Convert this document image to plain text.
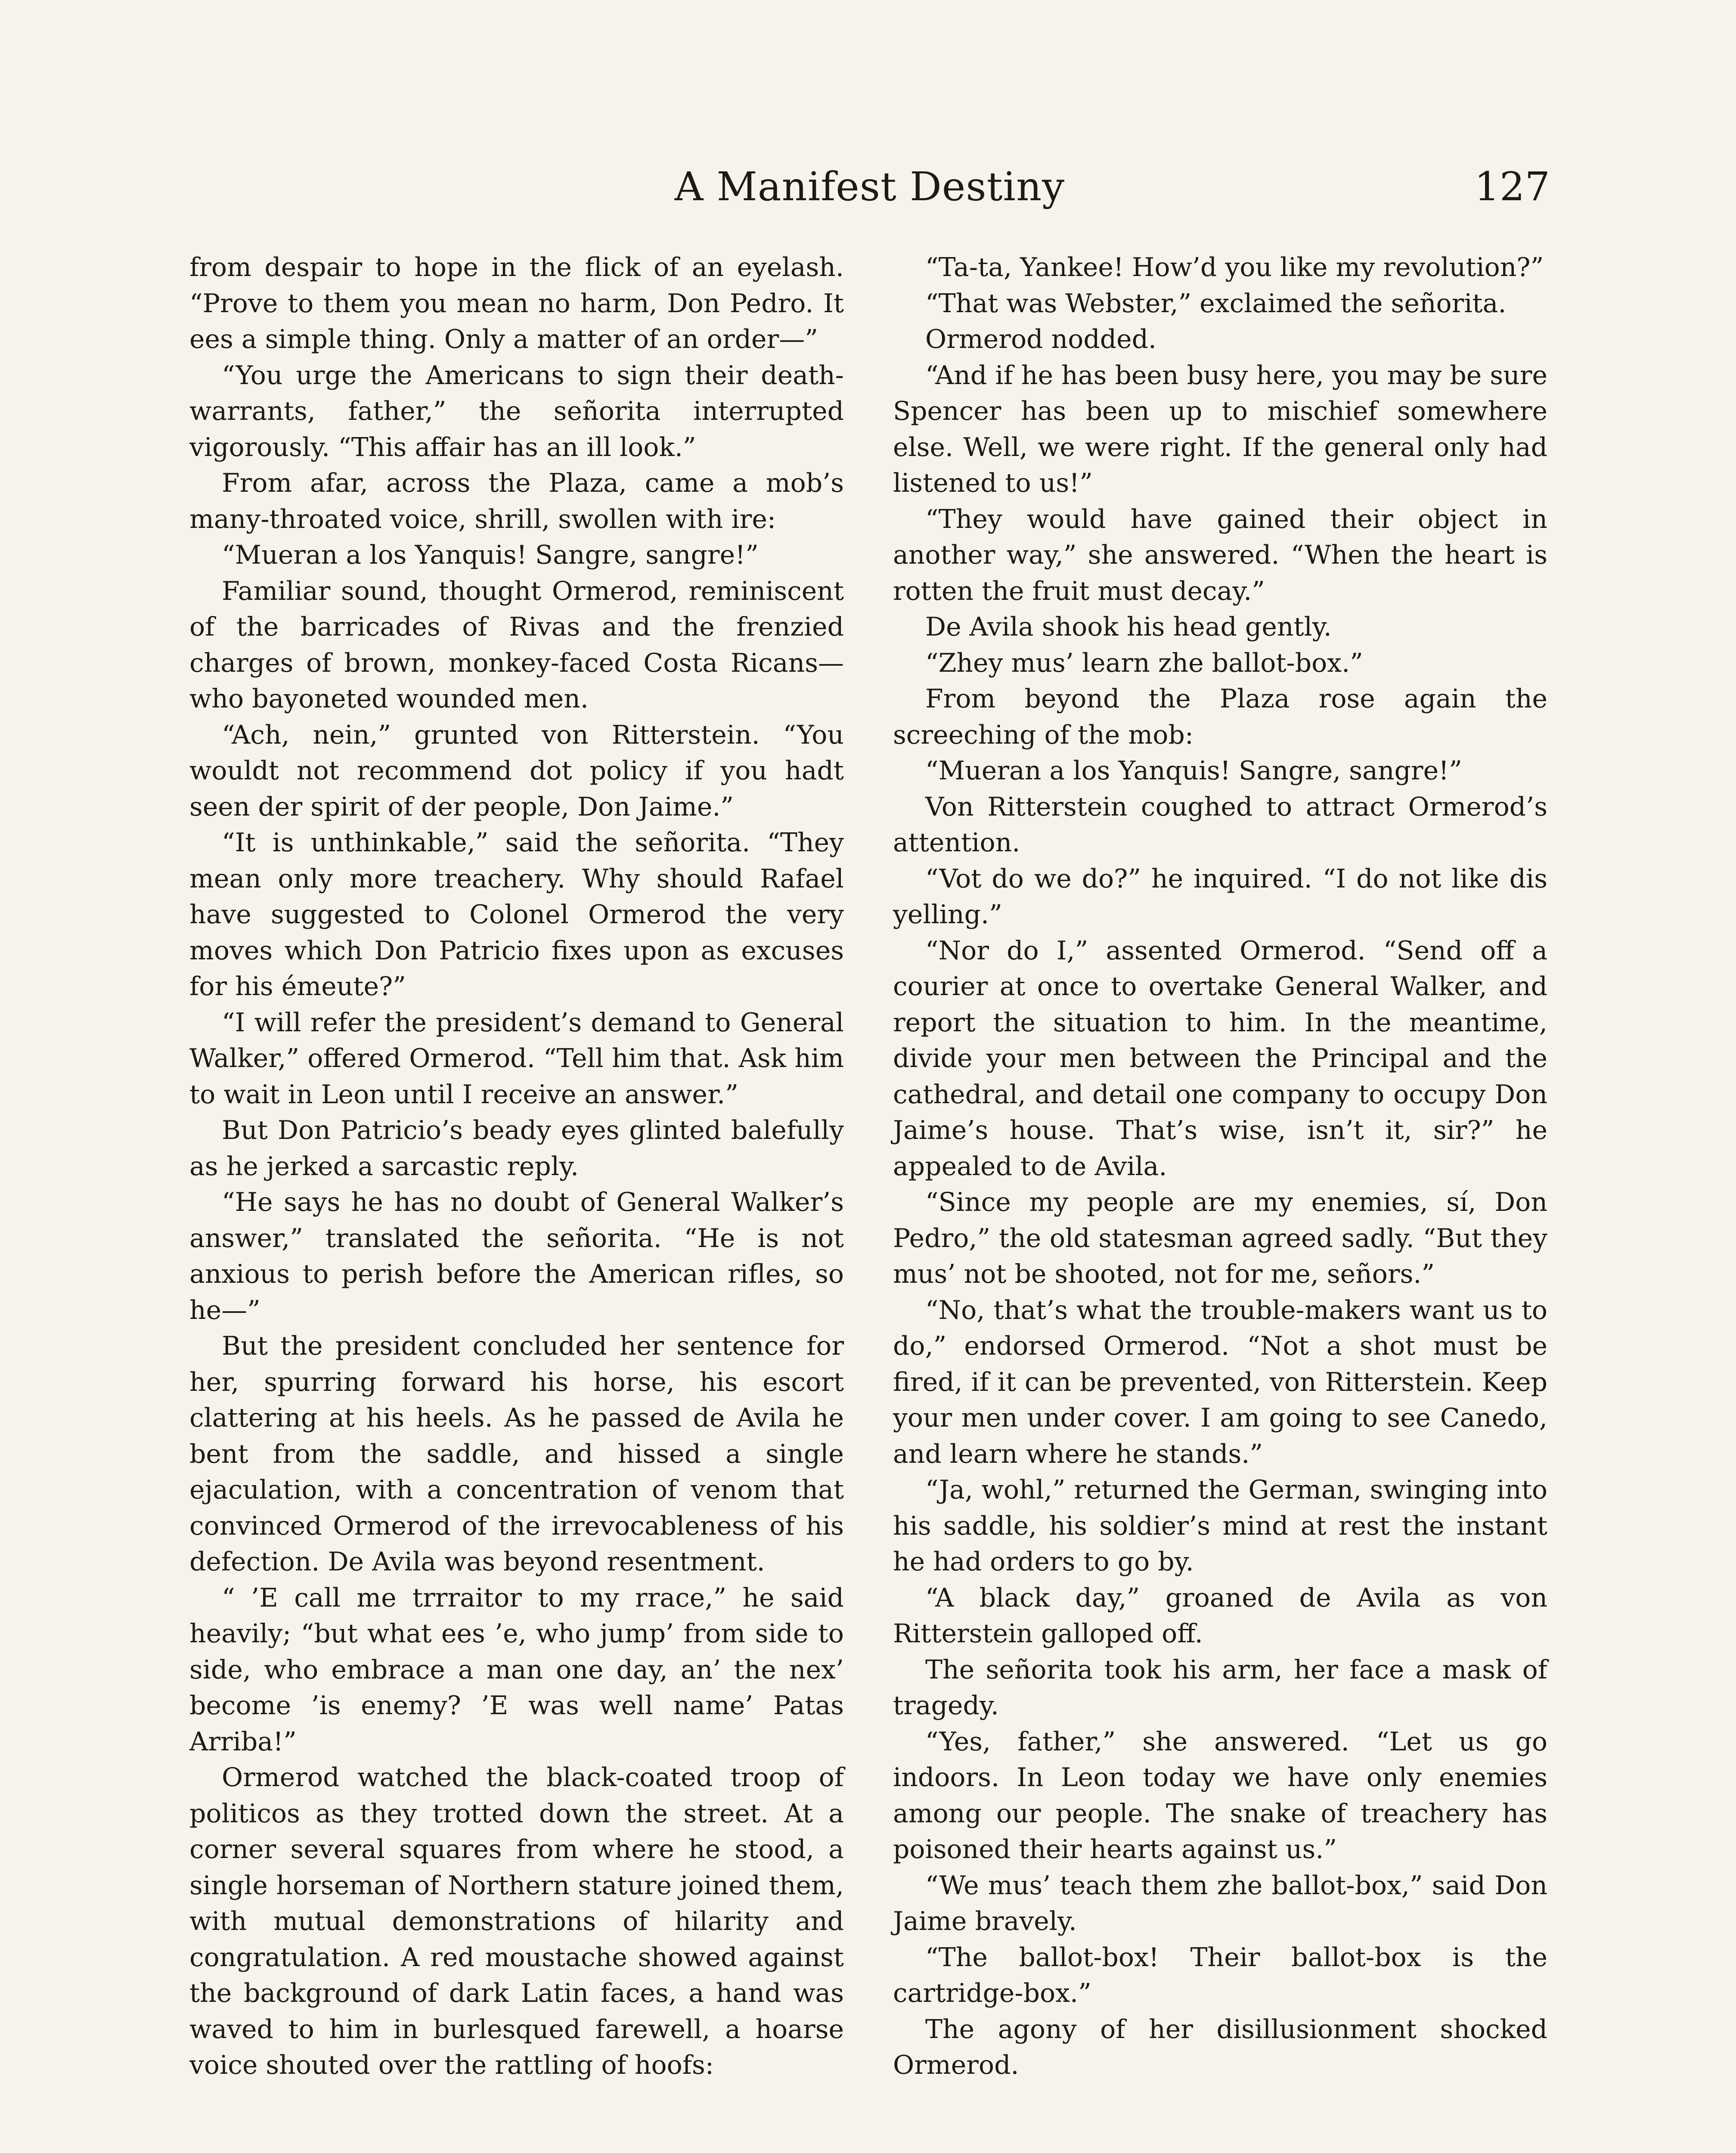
A Manifest Destiny	127

from despair to hope in the flick of an eyelash. “Prove to them you mean no harm, Don Pedro. It ees a simple thing. Only a matter of an order—”

“You urge the Americans to sign their death-warrants, father,” the señorita interrupted vigorously. “This affair has an ill look.”

From afar, across the Plaza, came a mob’s many-throated voice, shrill, swollen with ire:

“Mueran a los Yanquis! Sangre, sangre!”

Familiar sound, thought Ormerod, reminiscent of the barricades of Rivas and the frenzied charges of brown, monkey-faced Costa Ricans—who bayoneted wounded men.

“Ach, nein,” grunted von Ritterstein. “You wouldt not recommend dot policy if you hadt seen der spirit of der people, Don Jaime.”

“It is unthinkable,” said the señorita. “They mean only more treachery. Why should Rafael have suggested to Colonel Ormerod the very moves which Don Patricio fixes upon as excuses for his émeute?”

“I will refer the president’s demand to General Walker,” offered Ormerod. “Tell him that. Ask him to wait in Leon until I receive an answer.”

But Don Patricio’s beady eyes glinted balefully as he jerked a sarcastic reply.

“He says he has no doubt of General Walker’s answer,” translated the señorita. “He is not anxious to perish before the American rifles, so he—”

But the president concluded her sentence for her, spurring forward his horse, his escort clattering at his heels. As he passed de Avila he bent from the saddle, and hissed a single ejaculation, with a concentration of venom that convinced Ormerod of the irrevocableness of his defection. De Avila was beyond resentment.

“ ’E call me trrraitor to my rrace,” he said heavily; “but what ees ’e, who jump’ from side to side, who embrace a man one day, an’ the nex’ become ’is enemy? ’E was well name’ Patas Arriba!”

Ormerod watched the black-coated troop of politicos as they trotted down the street. At a corner several squares from where he stood, a single horseman of Northern stature joined them, with mutual demonstrations of hilarity and congratulation. A red moustache showed against the background of dark Latin faces, a hand was waved to him in burlesqued farewell, a hoarse voice shouted over the rattling of hoofs:

“Ta-ta, Yankee! How’d you like my revolution?”

“That was Webster,” exclaimed the señorita.

Ormerod nodded.

“And if he has been busy here, you may be sure Spencer has been up to mischief somewhere else. Well, we were right. If the general only had listened to us!”

“They would have gained their object in another way,” she answered. “When the heart is rotten the fruit must decay.”

De Avila shook his head gently.

“Zhey mus’ learn zhe ballot-box.”

From beyond the Plaza rose again the screeching of the mob:

“Mueran a los Yanquis! Sangre, sangre!”

Von Ritterstein coughed to attract Ormerod’s attention.

“Vot do we do?” he inquired. “I do not like dis yelling.”

“Nor do I,” assented Ormerod. “Send off a courier at once to overtake General Walker, and report the situation to him. In the meantime, divide your men between the Principal and the cathedral, and detail one company to occupy Don Jaime’s house. That’s wise, isn’t it, sir?” he appealed to de Avila.

“Since my people are my enemies, sí, Don Pedro,” the old statesman agreed sadly. “But they mus’ not be shooted, not for me, señors.”

“No, that’s what the trouble-makers want us to do,” endorsed Ormerod. “Not a shot must be fired, if it can be prevented, von Ritterstein. Keep your men under cover. I am going to see Canedo, and learn where he stands.”

“Ja, wohl,” returned the German, swinging into his saddle, his soldier’s mind at rest the instant he had orders to go by.

“A black day,” groaned de Avila as von Ritterstein galloped off.

The señorita took his arm, her face a mask of tragedy.

“Yes, father,” she answered. “Let us go indoors. In Leon today we have only enemies among our people. The snake of treachery has poisoned their hearts against us.”

“We mus’ teach them zhe ballot-box,” said Don Jaime bravely.

“The ballot-box! Their ballot-box is the cartridge-box.”

The agony of her disillusionment shocked Ormerod.
